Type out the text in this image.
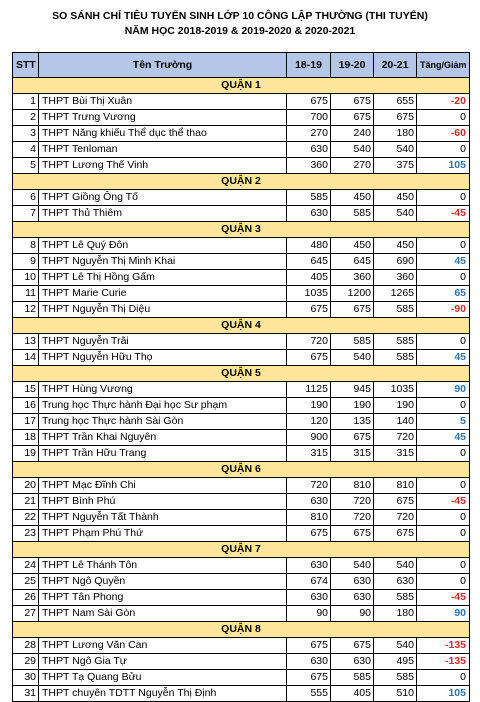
SO SÁNH CHỈ TIÊU TUYỂN SINH LỚP 10 CÔNG LẬP THƯỜNG (THI TUYỂN)
NĂM HỌC 2018-2019 & 2019-2020 & 2020-2021
STT	Tên Trường	18-19	19-20	20-21	Tăng/Giảm
QUẬN 1					
1	THPT Bùi Thị Xuân	675	675	655	-20
2	THPT Trưng Vương	700	675	675	0
3	THPT Năng khiếu Thể dục thể thao	270	240	180	-60
4	THPT Tenloman	630	540	540	0
5	THPT Lương Thế Vinh	360	270	375	105
QUẬN 2					
6	THPT Giồng Ông Tố	585	450	450	0
7	THPT Thủ Thiêm	630	585	540	-45
QUẬN 3					
8	THPT Lê Quý Đôn	480	450	450	0
9	THPT Nguyễn Thị Minh Khai	645	645	690	45
10	THPT Lê Thị Hồng Gấm	405	360	360	0
11	THPT Marie Curie	1035	1200	1265	65
12	THPT Nguyễn Thị Diệu	675	675	585	-90
QUẬN 4					
13	THPT Nguyễn Trãi	720	585	585	0
14	THPT Nguyễn Hữu Thọ	675	540	585	45
QUẬN 5					
15	THPT Hùng Vương	1125	945	1035	90
16	Trung học Thực hành Đại học Sư phạm	190	190	190	0
17	Trung học Thực hành Sài Gòn	120	135	140	5
18	THPT Trần Khai Nguyên	900	675	720	45
19	THPT Trần Hữu Trang	315	315	315	0
QUẬN 6					
20	THPT Mạc Đĩnh Chi	720	810	810	0
21	THPT Bình Phú	630	720	675	-45
22	THPT Nguyễn Tất Thành	810	720	720	0
23	THPT Phạm Phú Thứ	675	675	675	0
QUẬN 7					
24	THPT Lê Thánh Tôn	630	540	540	0
25	THPT Ngô Quyền	674	630	630	0
26	THPT Tân Phong	630	630	585	-45
27	THPT Nam Sài Gòn	90	90	180	90
QUẬN 8					
28	THPT Lương Văn Can	675	675	540	-135
29	THPT Ngô Gia Tự	630	630	495	-135
30	THPT Tạ Quang Bửu	675	585	585	0
31	THPT chuyên TDTT Nguyễn Thị Định	555	405	510	105
